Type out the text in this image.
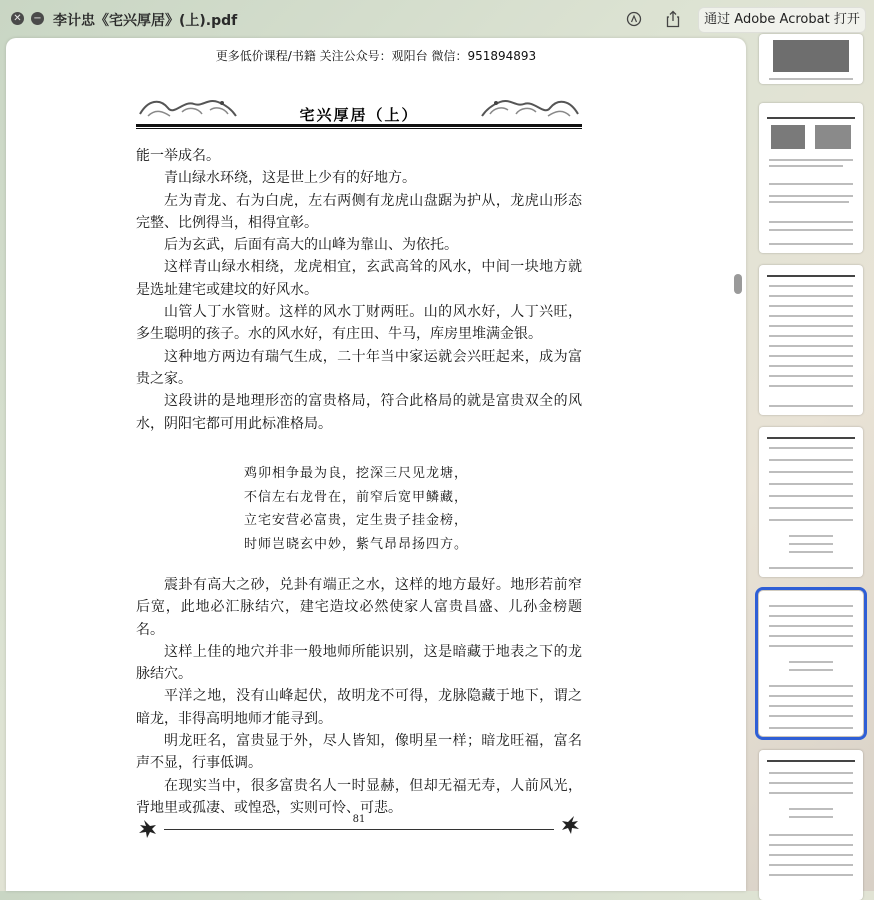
✕ − 李计忠《宅兴厚居》(上).pdf	通过 Adobe Acrobat 打开
更多低价课程/书籍 关注公众号：观阳台 微信：951894893
宅兴厚居（上）

能一举成名。

青山绿水环绕，这是世上少有的好地方。

左为青龙、右为白虎，左右两侧有龙虎山盘踞为护从，龙虎山形态完整、比例得当，相得宜彰。

后为玄武，后面有高大的山峰为靠山、为依托。

这样青山绿水相绕，龙虎相宜，玄武高耸的风水，中间一块地方就是选址建宅或建坟的好风水。

山管人丁水管财。这样的风水丁财两旺。山的风水好，人丁兴旺，多生聪明的孩子。水的风水好，有庄田、牛马，库房里堆满金银。

这种地方两边有瑞气生成，二十年当中家运就会兴旺起来，成为富贵之家。

这段讲的是地理形峦的富贵格局，符合此格局的就是富贵双全的风水，阴阳宅都可用此标准格局。

鸡卯相争最为良，挖深三尺见龙塘，
不信左右龙骨在，前窄后宽甲鳞藏，
立宅安营必富贵，定生贵子挂金榜，
时师岂晓玄中妙，紫气昂昂扬四方。

震卦有高大之砂，兑卦有端正之水，这样的地方最好。地形若前窄后宽，此地必汇脉结穴，建宅造坟必然使家人富贵昌盛、儿孙金榜题名。

这样上佳的地穴并非一般地师所能识别，这是暗藏于地表之下的龙脉结穴。

平洋之地，没有山峰起伏，故明龙不可得，龙脉隐藏于地下，谓之暗龙，非得高明地师才能寻到。

明龙旺名，富贵显于外，尽人皆知，像明星一样；暗龙旺福，富名声不显，行事低调。

在现实当中，很多富贵名人一时显赫，但却无福无寿，人前风光，背地里或孤凄、或惶恐，实则可怜、可悲。

81
